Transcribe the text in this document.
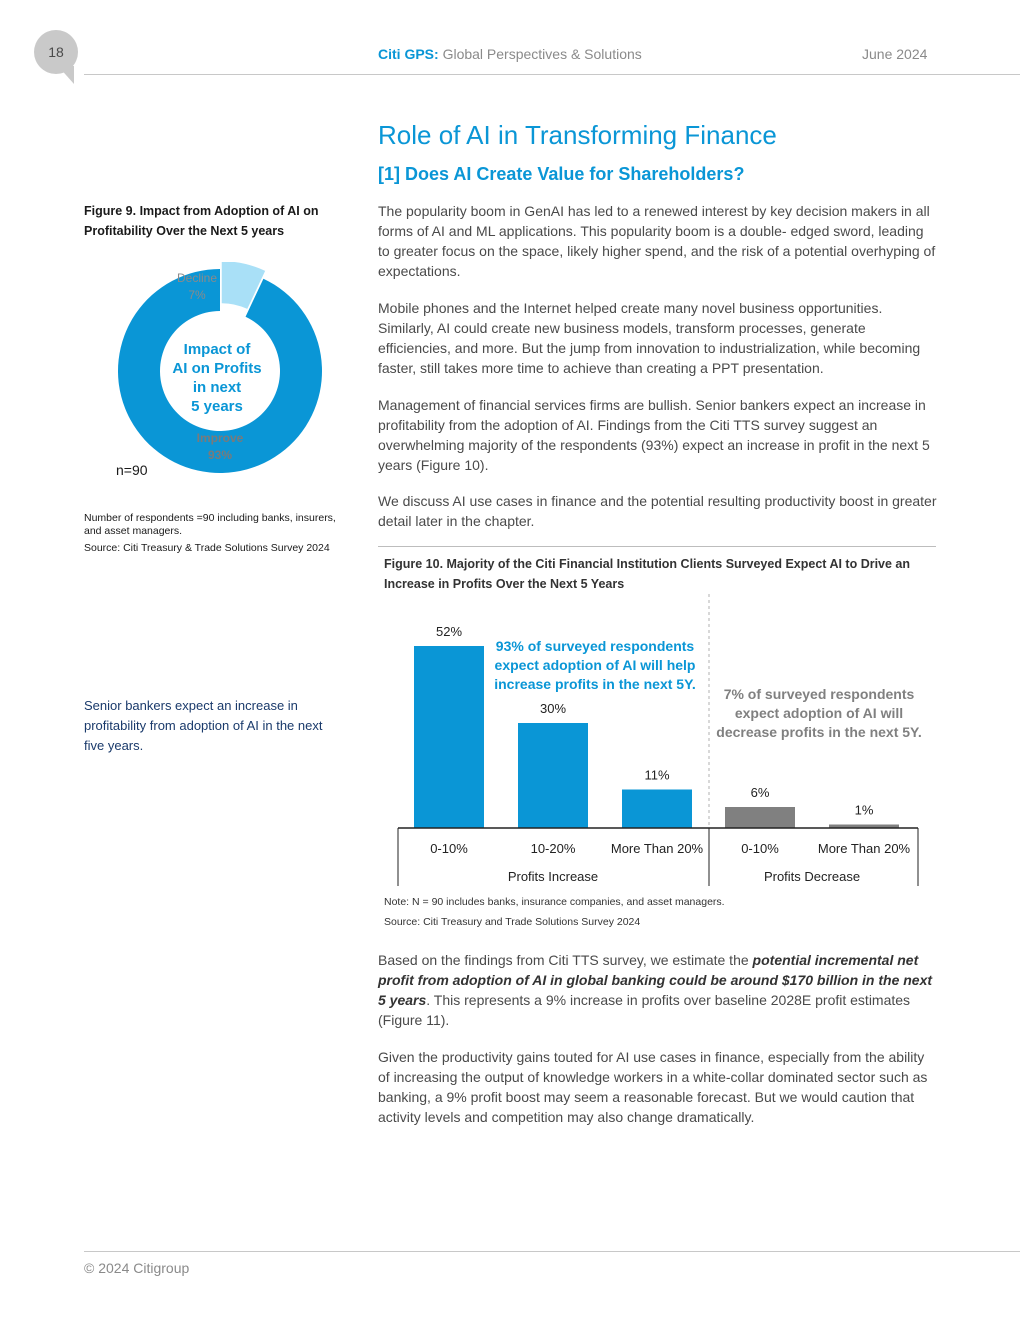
18	Citi GPS: Global Perspectives & Solutions	June 2024
Role of AI in Transforming Finance
[1] Does AI Create Value for Shareholders?
The popularity boom in GenAI has led to a renewed interest by key decision makers in all forms of AI and ML applications. This popularity boom is a double- edged sword, leading to greater focus on the space, likely higher spend, and the risk of a potential overhyping of expectations.
Mobile phones and the Internet helped create many novel business opportunities. Similarly, AI could create new business models, transform processes, generate efficiencies, and more. But the jump from innovation to industrialization, while becoming faster, still takes more time to achieve than creating a PPT presentation.
Management of financial services firms are bullish. Senior bankers expect an increase in profitability from the adoption of AI. Findings from the Citi TTS survey suggest an overwhelming majority of the respondents (93%) expect an increase in profit in the next 5 years (Figure 10).
We discuss AI use cases in finance and the potential resulting productivity boost in greater detail later in the chapter.
Figure 9. Impact from Adoption of AI on Profitability Over the Next 5 years
Impact of
AI on Profits
in next
5 years
Decline
7%
Improve
93%
n=90
Number of respondents =90 including banks, insurers, and asset managers.
Source: Citi Treasury & Trade Solutions Survey 2024
Senior bankers expect an increase in profitability from adoption of AI in the next five years.
Figure 10. Majority of the Citi Financial Institution Clients Surveyed Expect AI to Drive an Increase in Profits Over the Next 5 Years
52%
30%
11%
6%
1%
93% of surveyed respondents
expect adoption of AI will help
increase profits in the next 5Y.
7% of surveyed respondents
expect adoption of AI will
decrease profits in the next 5Y.
0-10%	10-20%	More Than 20%	0-10%	More Than 20%
Profits Increase	Profits Decrease
Note: N = 90 includes banks, insurance companies, and asset managers.
Source: Citi Treasury and Trade Solutions Survey 2024
Based on the findings from Citi TTS survey, we estimate the potential incremental net profit from adoption of AI in global banking could be around $170 billion in the next 5 years. This represents a 9% increase in profits over baseline 2028E profit estimates (Figure 11).
Given the productivity gains touted for AI use cases in finance, especially from the ability of increasing the output of knowledge workers in a white-collar dominated sector such as banking, a 9% profit boost may seem a reasonable forecast. But we would caution that activity levels and competition may also change dramatically.
© 2024 Citigroup
